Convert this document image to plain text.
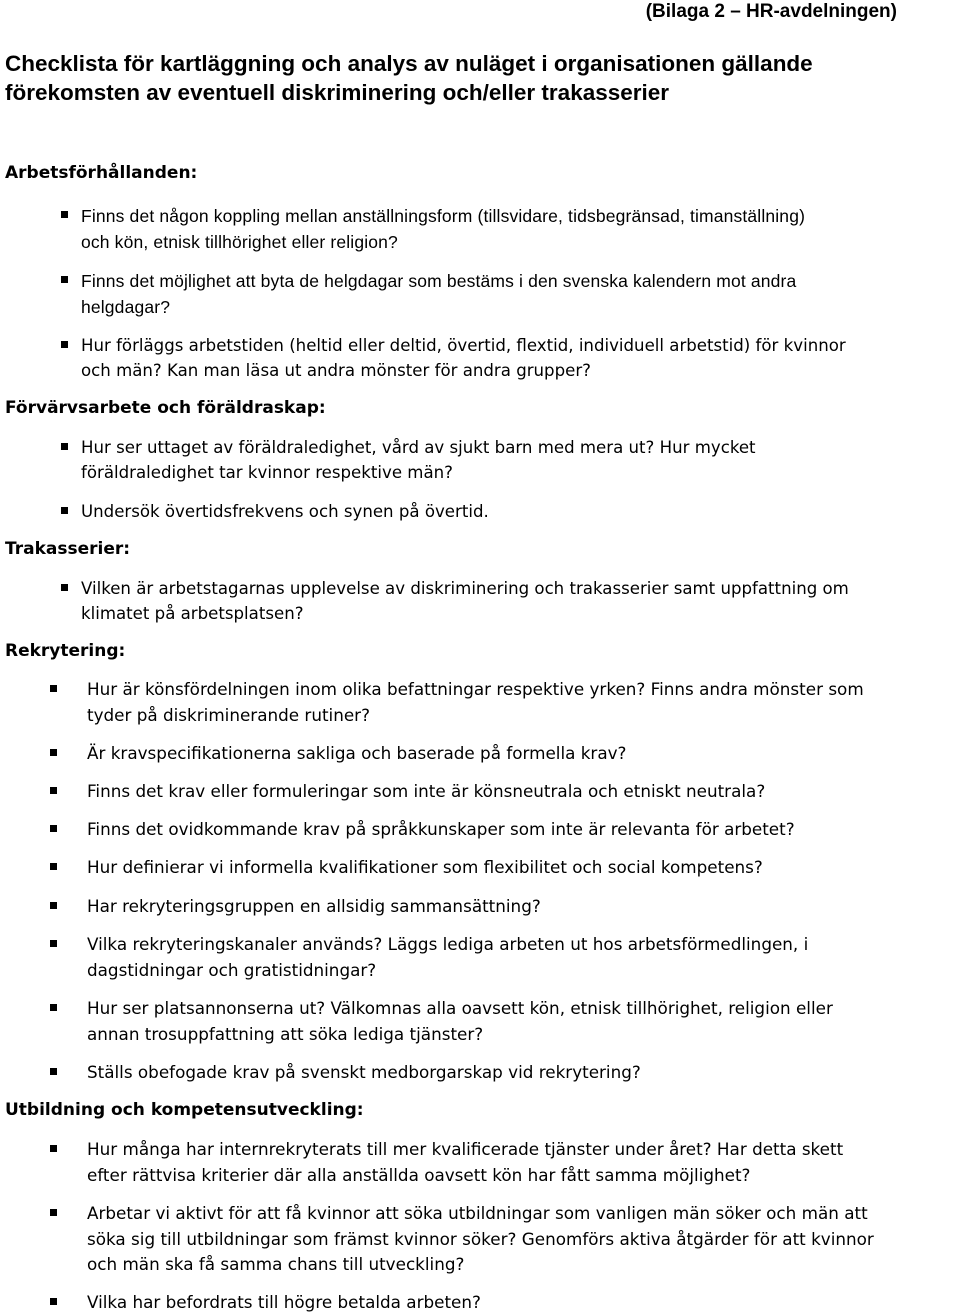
(Bilaga 2 – HR-avdelningen)
Checklista för kartläggning och analys av nuläget i organisationen gällande
förekomsten av eventuell diskriminering och/eller trakasserier
Arbetsförhållanden:

Finns det någon koppling mellan anställningsform (tillsvidare, tidsbegränsad, timanställning)
och kön, etnisk tillhörighet eller religion?

Finns det möjlighet att byta de helgdagar som bestäms i den svenska kalendern mot andra
helgdagar?

Hur förläggs arbetstiden (heltid eller deltid, övertid, flextid, individuell arbetstid) för kvinnor
och män? Kan man läsa ut andra mönster för andra grupper?

Förvärvsarbete och föräldraskap:

Hur ser uttaget av föräldraledighet, vård av sjukt barn med mera ut? Hur mycket
föräldraledighet tar kvinnor respektive män?

Undersök övertidsfrekvens och synen på övertid.

Trakasserier:

Vilken är arbetstagarnas upplevelse av diskriminering och trakasserier samt uppfattning om
klimatet på arbetsplatsen?

Rekrytering:

Hur är könsfördelningen inom olika befattningar respektive yrken? Finns andra mönster som
tyder på diskriminerande rutiner?

Är kravspecifikationerna sakliga och baserade på formella krav?

Finns det krav eller formuleringar som inte är könsneutrala och etniskt neutrala?

Finns det ovidkommande krav på språkkunskaper som inte är relevanta för arbetet?

Hur definierar vi informella kvalifikationer som flexibilitet och social kompetens?

Har rekryteringsgruppen en allsidig sammansättning?

Vilka rekryteringskanaler används? Läggs lediga arbeten ut hos arbetsförmedlingen, i
dagstidningar och gratistidningar?

Hur ser platsannonserna ut? Välkomnas alla oavsett kön, etnisk tillhörighet, religion eller
annan trosuppfattning att söka lediga tjänster?

Ställs obefogade krav på svenskt medborgarskap vid rekrytering?

Utbildning och kompetensutveckling:

Hur många har internrekryterats till mer kvalificerade tjänster under året? Har detta skett
efter rättvisa kriterier där alla anställda oavsett kön har fått samma möjlighet?

Arbetar vi aktivt för att få kvinnor att söka utbildningar som vanligen män söker och män att
söka sig till utbildningar som främst kvinnor söker? Genomförs aktiva åtgärder för att kvinnor
och män ska få samma chans till utveckling?

Vilka har befordrats till högre betalda arbeten?
